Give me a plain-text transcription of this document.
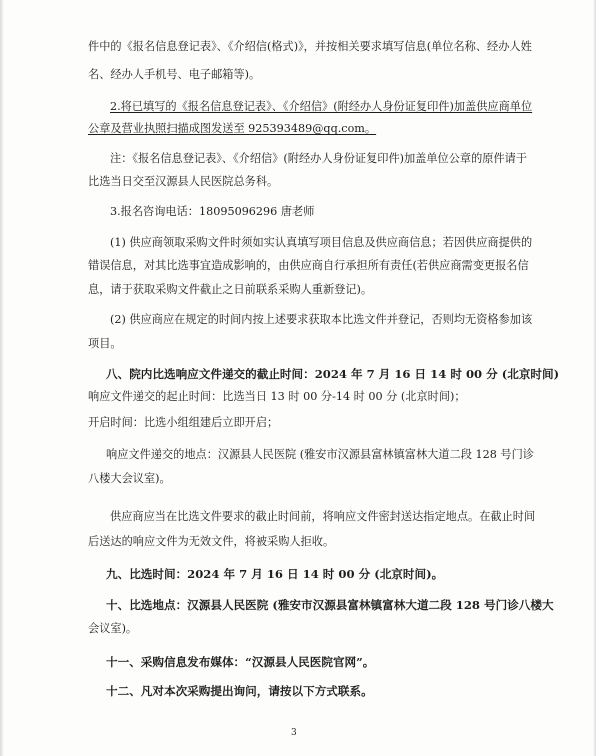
件中的《报名信息登记表》、《介绍信(格式)》，并按相关要求填写信息(单位名称、经办人姓

名、经办人手机号、电子邮箱等)。

2.将已填写的《报名信息登记表》、《介绍信》(附经办人身份证复印件)加盖供应商单位

公章及营业执照扫描成图发送至 925393489@qq.com。

注：《报名信息登记表》、《介绍信》(附经办人身份证复印件)加盖单位公章的原件请于

比选当日交至汉源县人民医院总务科。

3.报名咨询电话：18095096296 唐老师

(1) 供应商领取采购文件时须如实认真填写项目信息及供应商信息；若因供应商提供的

错误信息，对其比选事宜造成影响的，由供应商自行承担所有责任(若供应商需变更报名信

息，请于获取采购文件截止之日前联系采购人重新登记)。

(2) 供应商应在规定的时间内按上述要求获取本比选文件并登记，否则均无资格参加该

项目。

八、院内比选响应文件递交的截止时间：2024 年 7 月 16 日 14 时 00 分 (北京时间)

响应文件递交的起止时间：比选当日 13 时 00 分-14 时 00 分 (北京时间)；

开启时间：比选小组组建后立即开启；

响应文件递交的地点：汉源县人民医院 (雅安市汉源县富林镇富林大道二段 128 号门诊

八楼大会议室)。

供应商应当在比选文件要求的截止时间前，将响应文件密封送达指定地点。在截止时间

后送达的响应文件为无效文件，将被采购人拒收。

九、比选时间：2024 年 7 月 16 日 14 时 00 分 (北京时间)。

十、比选地点：汉源县人民医院 (雅安市汉源县富林镇富林大道二段 128 号门诊八楼大

会议室)。

十一、采购信息发布媒体：“汉源县人民医院官网”。

十二、凡对本次采购提出询问，请按以下方式联系。

3
